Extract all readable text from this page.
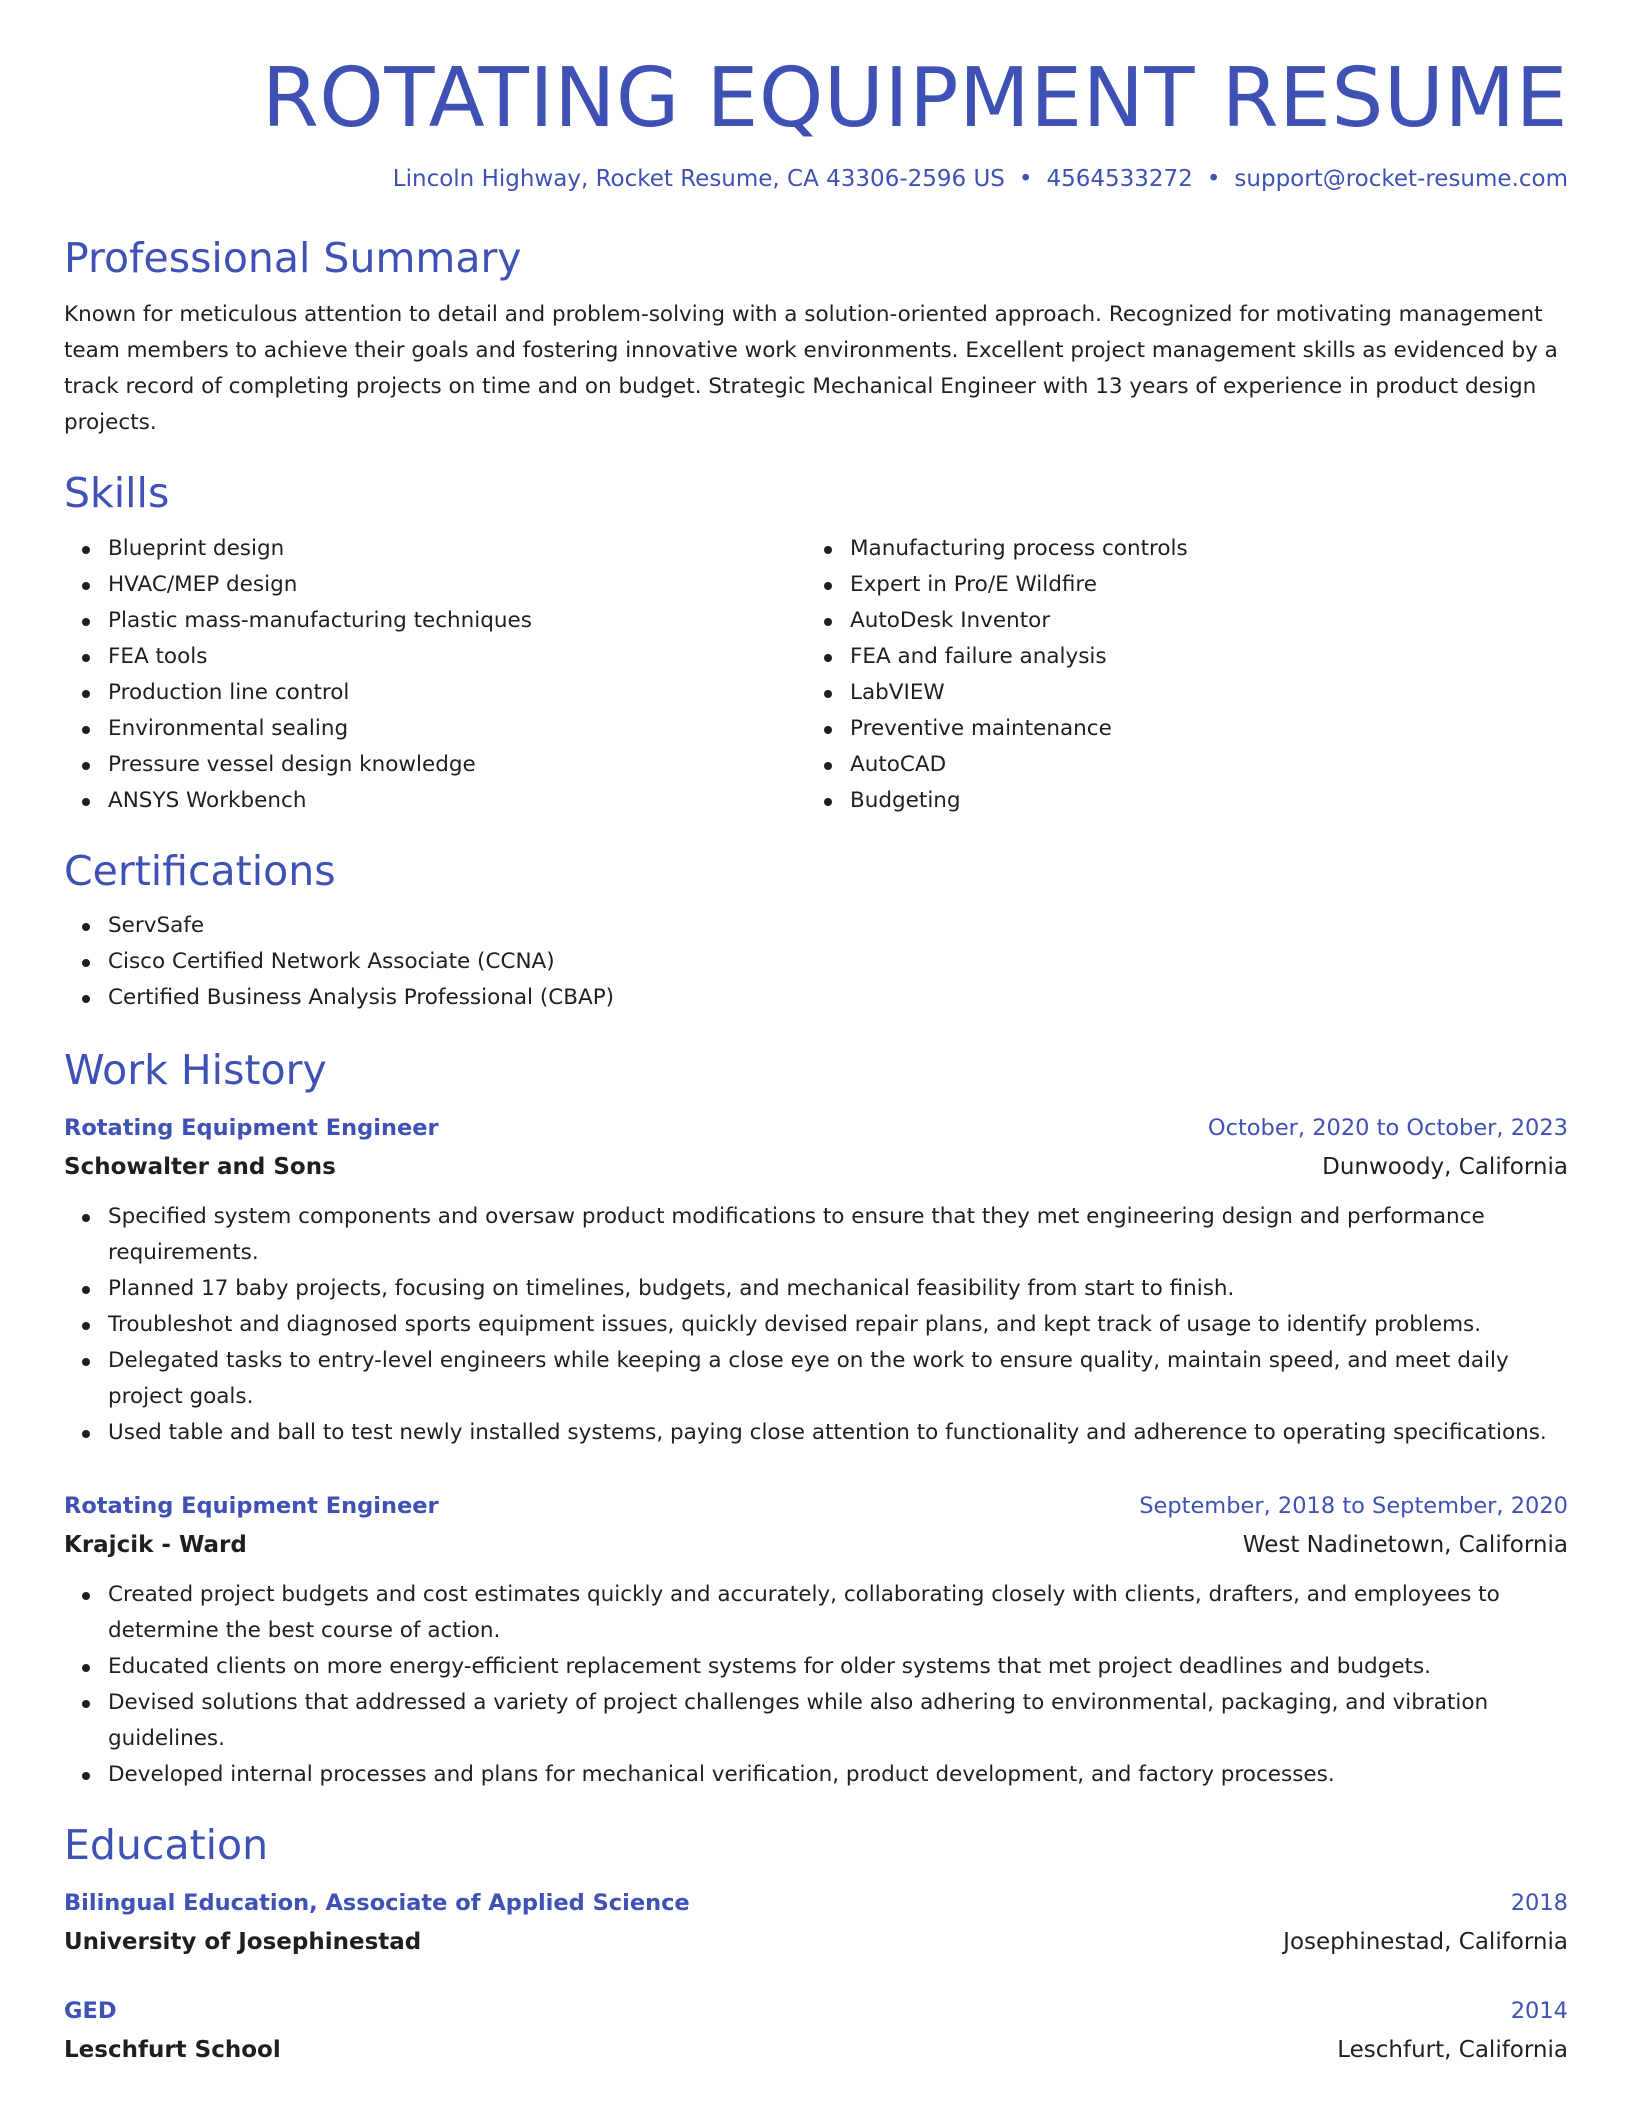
ROTATING EQUIPMENT RESUME
Lincoln Highway, Rocket Resume, CA 43306-2596 US • 4564533272 • support@rocket-resume.com
Professional Summary

Known for meticulous attention to detail and problem-solving with a solution-oriented approach. Recognized for motivating management team members to achieve their goals and fostering innovative work environments. Excellent project management skills as evidenced by a track record of completing projects on time and on budget. Strategic Mechanical Engineer with 13 years of experience in product design projects.

Skills
Blueprint design
HVAC/MEP design
Plastic mass-manufacturing techniques
FEA tools
Production line control
Environmental sealing
Pressure vessel design knowledge
ANSYS Workbench
Manufacturing process controls
Expert in Pro/E Wildfire
AutoDesk Inventor
FEA and failure analysis
LabVIEW
Preventive maintenance
AutoCAD
Budgeting
Certifications
ServSafe
Cisco Certified Network Associate (CCNA)
Certified Business Analysis Professional (CBAP)
Work History
Rotating Equipment Engineer	October, 2020 to October, 2023
Schowalter and Sons	Dunwoody, California
Specified system components and oversaw product modifications to ensure that they met engineering design and performance requirements.
Planned 17 baby projects, focusing on timelines, budgets, and mechanical feasibility from start to finish.
Troubleshot and diagnosed sports equipment issues, quickly devised repair plans, and kept track of usage to identify problems.
Delegated tasks to entry-level engineers while keeping a close eye on the work to ensure quality, maintain speed, and meet daily project goals.
Used table and ball to test newly installed systems, paying close attention to functionality and adherence to operating specifications.
Rotating Equipment Engineer	September, 2018 to September, 2020
Krajcik - Ward	West Nadinetown, California
Created project budgets and cost estimates quickly and accurately, collaborating closely with clients, drafters, and employees to determine the best course of action.
Educated clients on more energy-efficient replacement systems for older systems that met project deadlines and budgets.
Devised solutions that addressed a variety of project challenges while also adhering to environmental, packaging, and vibration guidelines.
Developed internal processes and plans for mechanical verification, product development, and factory processes.
Education
Bilingual Education, Associate of Applied Science	2018
University of Josephinestad	Josephinestad, California
GED	2014
Leschfurt School	Leschfurt, California
